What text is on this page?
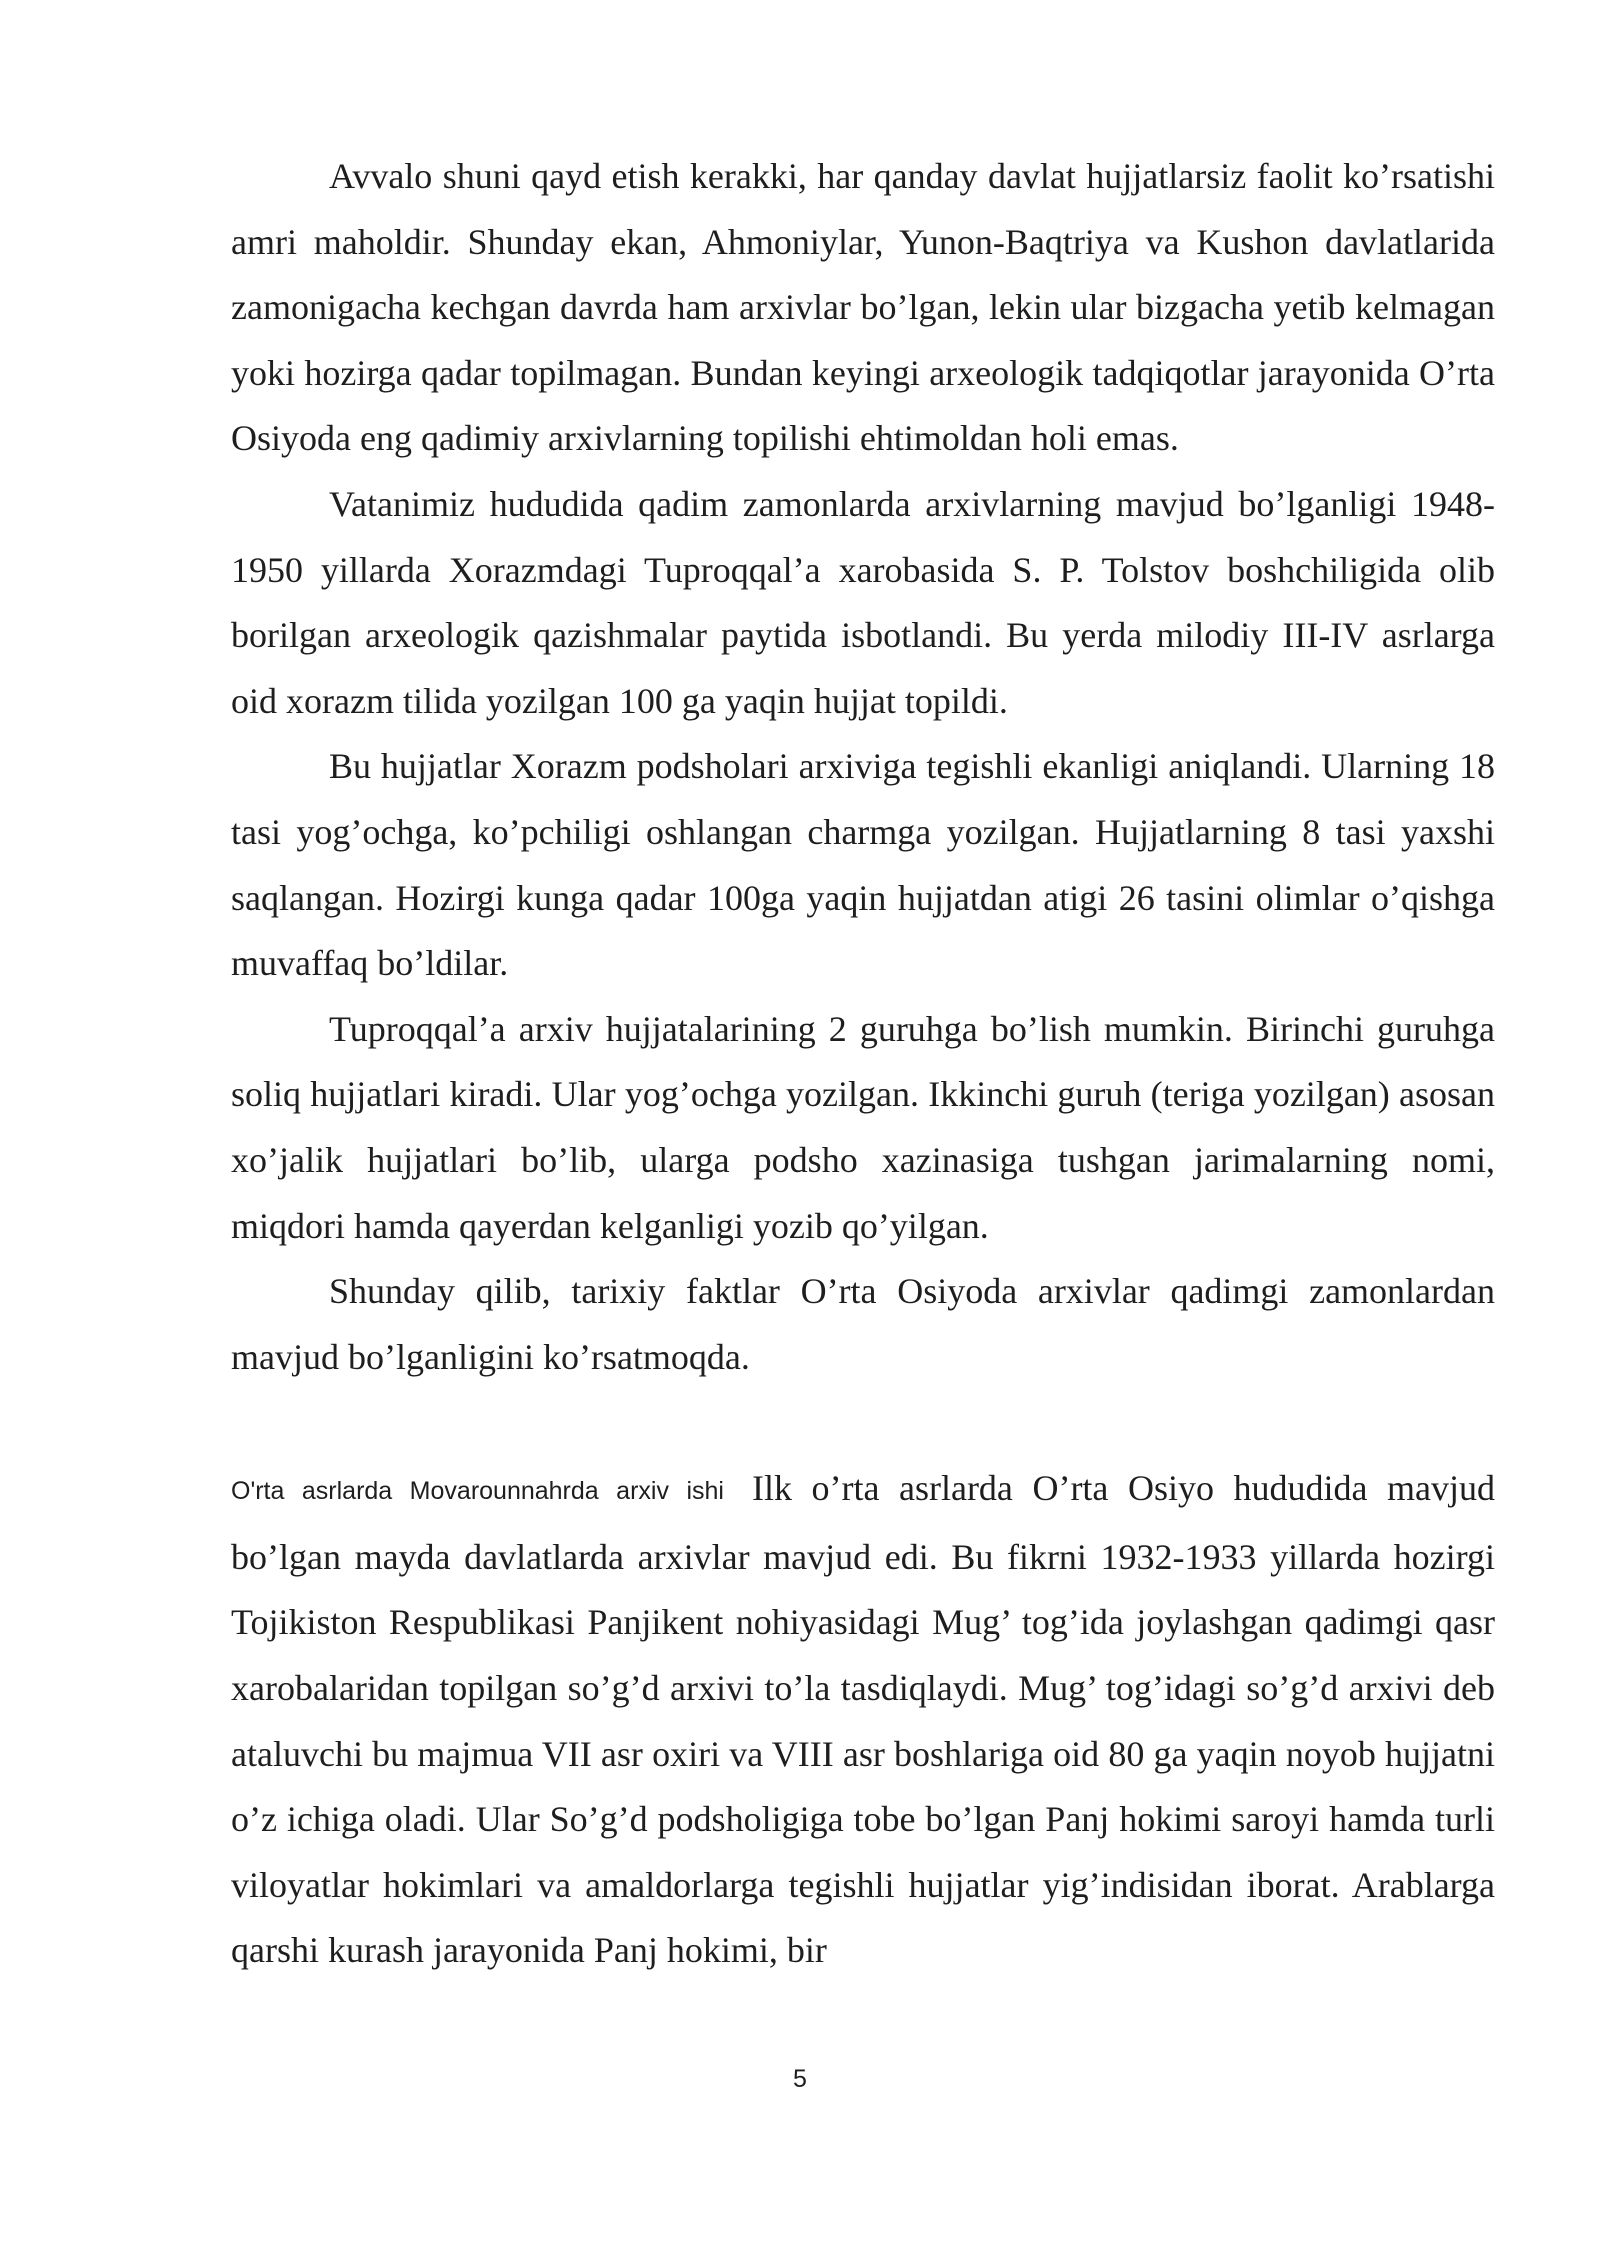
Avvalo shuni qayd etish kerakki, har qanday davlat hujjatlarsiz faolit ko’rsatishi amri maholdir. Shunday ekan, Ahmoniylar, Yunon-Baqtriya va Kushon davlatlarida zamonigacha kechgan davrda ham arxivlar bo’lgan, lekin ular bizgacha yetib kelmagan yoki hozirga qadar topilmagan. Bundan keyingi arxeologik tadqiqotlar jarayonida O’rta Osiyoda eng qadimiy arxivlarning topilishi ehtimoldan holi emas.

Vatanimiz hududida qadim zamonlarda arxivlarning mavjud bo’lganligi 1948-1950 yillarda Xorazmdagi Tuproqqal’a xarobasida S. P. Tolstov boshchiligida olib borilgan arxeologik qazishmalar paytida isbotlandi. Bu yerda milodiy III-IV asrlarga oid xorazm tilida yozilgan 100 ga yaqin hujjat topildi.

Bu hujjatlar Xorazm podsholari arxiviga tegishli ekanligi aniqlandi. Ularning 18 tasi yog’ochga, ko’pchiligi oshlangan charmga yozilgan. Hujjatlarning 8 tasi yaxshi saqlangan. Hozirgi kunga qadar 100ga yaqin hujjatdan atigi 26 tasini olimlar o’qishga muvaffaq bo’ldilar.

Tuproqqal’a arxiv hujjatalarining 2 guruhga bo’lish mumkin. Birinchi guruhga soliq hujjatlari kiradi. Ular yog’ochga yozilgan. Ikkinchi guruh (teriga yozilgan) asosan xo’jalik hujjatlari bo’lib, ularga podsho xazinasiga tushgan jarimalarning nomi, miqdori hamda qayerdan kelganligi yozib qo’yilgan.

Shunday qilib, tarixiy faktlar O’rta Osiyoda arxivlar qadimgi zamonlardan mavjud bo’lganligini ko’rsatmoqda.

O'rta asrlarda Movarounnahrda arxiv ishi Ilk o’rta asrlarda O’rta Osiyo hududida mavjud bo’lgan mayda davlatlarda arxivlar mavjud edi. Bu fikrni 1932-1933 yillarda hozirgi Tojikiston Respublikasi Panjikent nohiyasidagi Mug’ tog’ida joylashgan qadimgi qasr xarobalaridan topilgan so’g’d arxivi to’la tasdiqlaydi. Mug’ tog’idagi so’g’d arxivi deb ataluvchi bu majmua VII asr oxiri va VIII asr boshlariga oid 80 ga yaqin noyob hujjatni o’z ichiga oladi. Ular So’g’d podsholigiga tobe bo’lgan Panj hokimi saroyi hamda turli viloyatlar hokimlari va amaldorlarga tegishli hujjatlar yig’indisidan iborat. Arablarga qarshi kurash jarayonida Panj hokimi, bir

5
